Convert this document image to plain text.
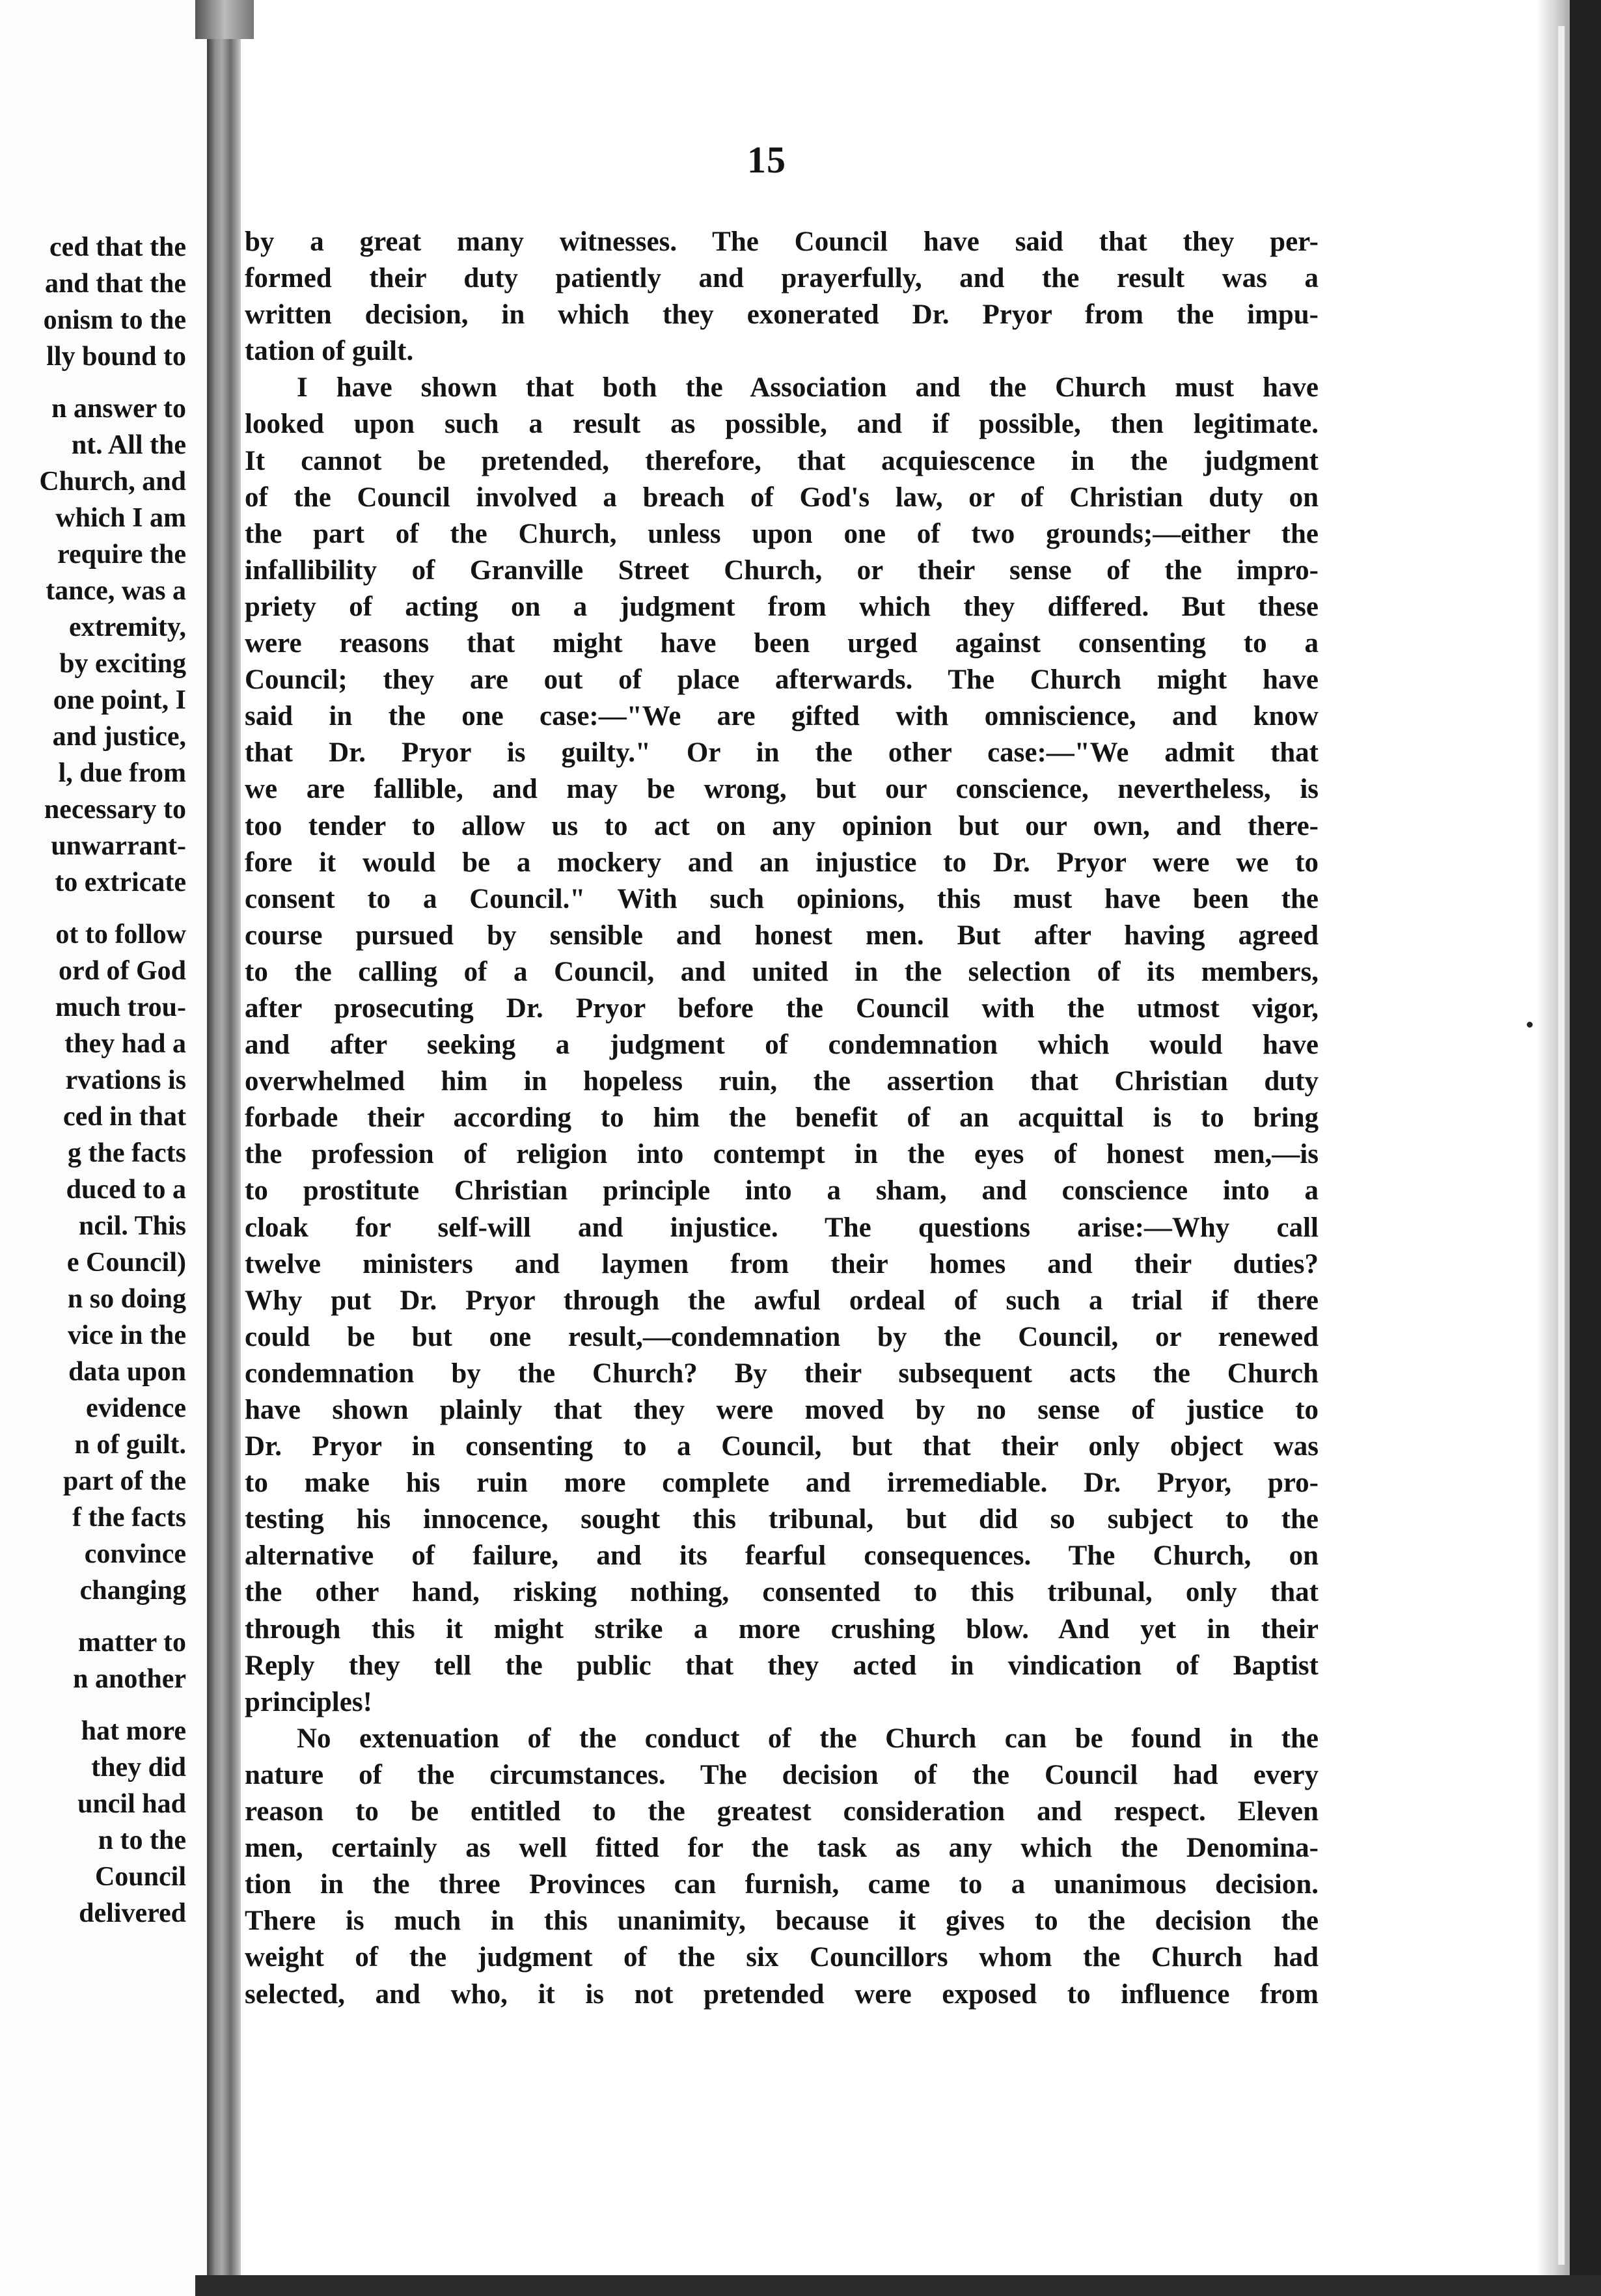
15
ced that the
and that the
onism to the
lly bound to
n answer to
nt. All the
Church, and
which I am
require the
tance, was a
extremity,
by exciting
one point, I
and justice,
l, due from
necessary to
unwarrant-
to extricate
ot to follow
ord of God
much trou-
they had a
rvations is
ced in that
g the facts
duced to a
ncil. This
e Council)
n so doing
vice in the
data upon
evidence
n of guilt.
part of the
f the facts
convince
changing
matter to
n another
hat more
they did
uncil had
n to the
Council
delivered
by a great many witnesses. The Council have said that they per-
formed their duty patiently and prayerfully, and the result was a
written decision, in which they exonerated Dr. Pryor from the impu-
tation of guilt.
I have shown that both the Association and the Church must have
looked upon such a result as possible, and if possible, then legitimate.
It cannot be pretended, therefore, that acquiescence in the judgment
of the Council involved a breach of God's law, or of Christian duty on
the part of the Church, unless upon one of two grounds;—either the
infallibility of Granville Street Church, or their sense of the impro-
priety of acting on a judgment from which they differed. But these
were reasons that might have been urged against consenting to a
Council; they are out of place afterwards. The Church might have
said in the one case:—"We are gifted with omniscience, and know
that Dr. Pryor is guilty." Or in the other case:—"We admit that
we are fallible, and may be wrong, but our conscience, nevertheless, is
too tender to allow us to act on any opinion but our own, and there-
fore it would be a mockery and an injustice to Dr. Pryor were we to
consent to a Council." With such opinions, this must have been the
course pursued by sensible and honest men. But after having agreed
to the calling of a Council, and united in the selection of its members,
after prosecuting Dr. Pryor before the Council with the utmost vigor,
and after seeking a judgment of condemnation which would have
overwhelmed him in hopeless ruin, the assertion that Christian duty
forbade their according to him the benefit of an acquittal is to bring
the profession of religion into contempt in the eyes of honest men,—is
to prostitute Christian principle into a sham, and conscience into a
cloak for self-will and injustice. The questions arise:—Why call
twelve ministers and laymen from their homes and their duties?
Why put Dr. Pryor through the awful ordeal of such a trial if there
could be but one result,—condemnation by the Council, or renewed
condemnation by the Church? By their subsequent acts the Church
have shown plainly that they were moved by no sense of justice to
Dr. Pryor in consenting to a Council, but that their only object was
to make his ruin more complete and irremediable. Dr. Pryor, pro-
testing his innocence, sought this tribunal, but did so subject to the
alternative of failure, and its fearful consequences. The Church, on
the other hand, risking nothing, consented to this tribunal, only that
through this it might strike a more crushing blow. And yet in their
Reply they tell the public that they acted in vindication of Baptist
principles!
No extenuation of the conduct of the Church can be found in the
nature of the circumstances. The decision of the Council had every
reason to be entitled to the greatest consideration and respect. Eleven
men, certainly as well fitted for the task as any which the Denomina-
tion in the three Provinces can furnish, came to a unanimous decision.
There is much in this unanimity, because it gives to the decision the
weight of the judgment of the six Councillors whom the Church had
selected, and who, it is not pretended were exposed to influence from
